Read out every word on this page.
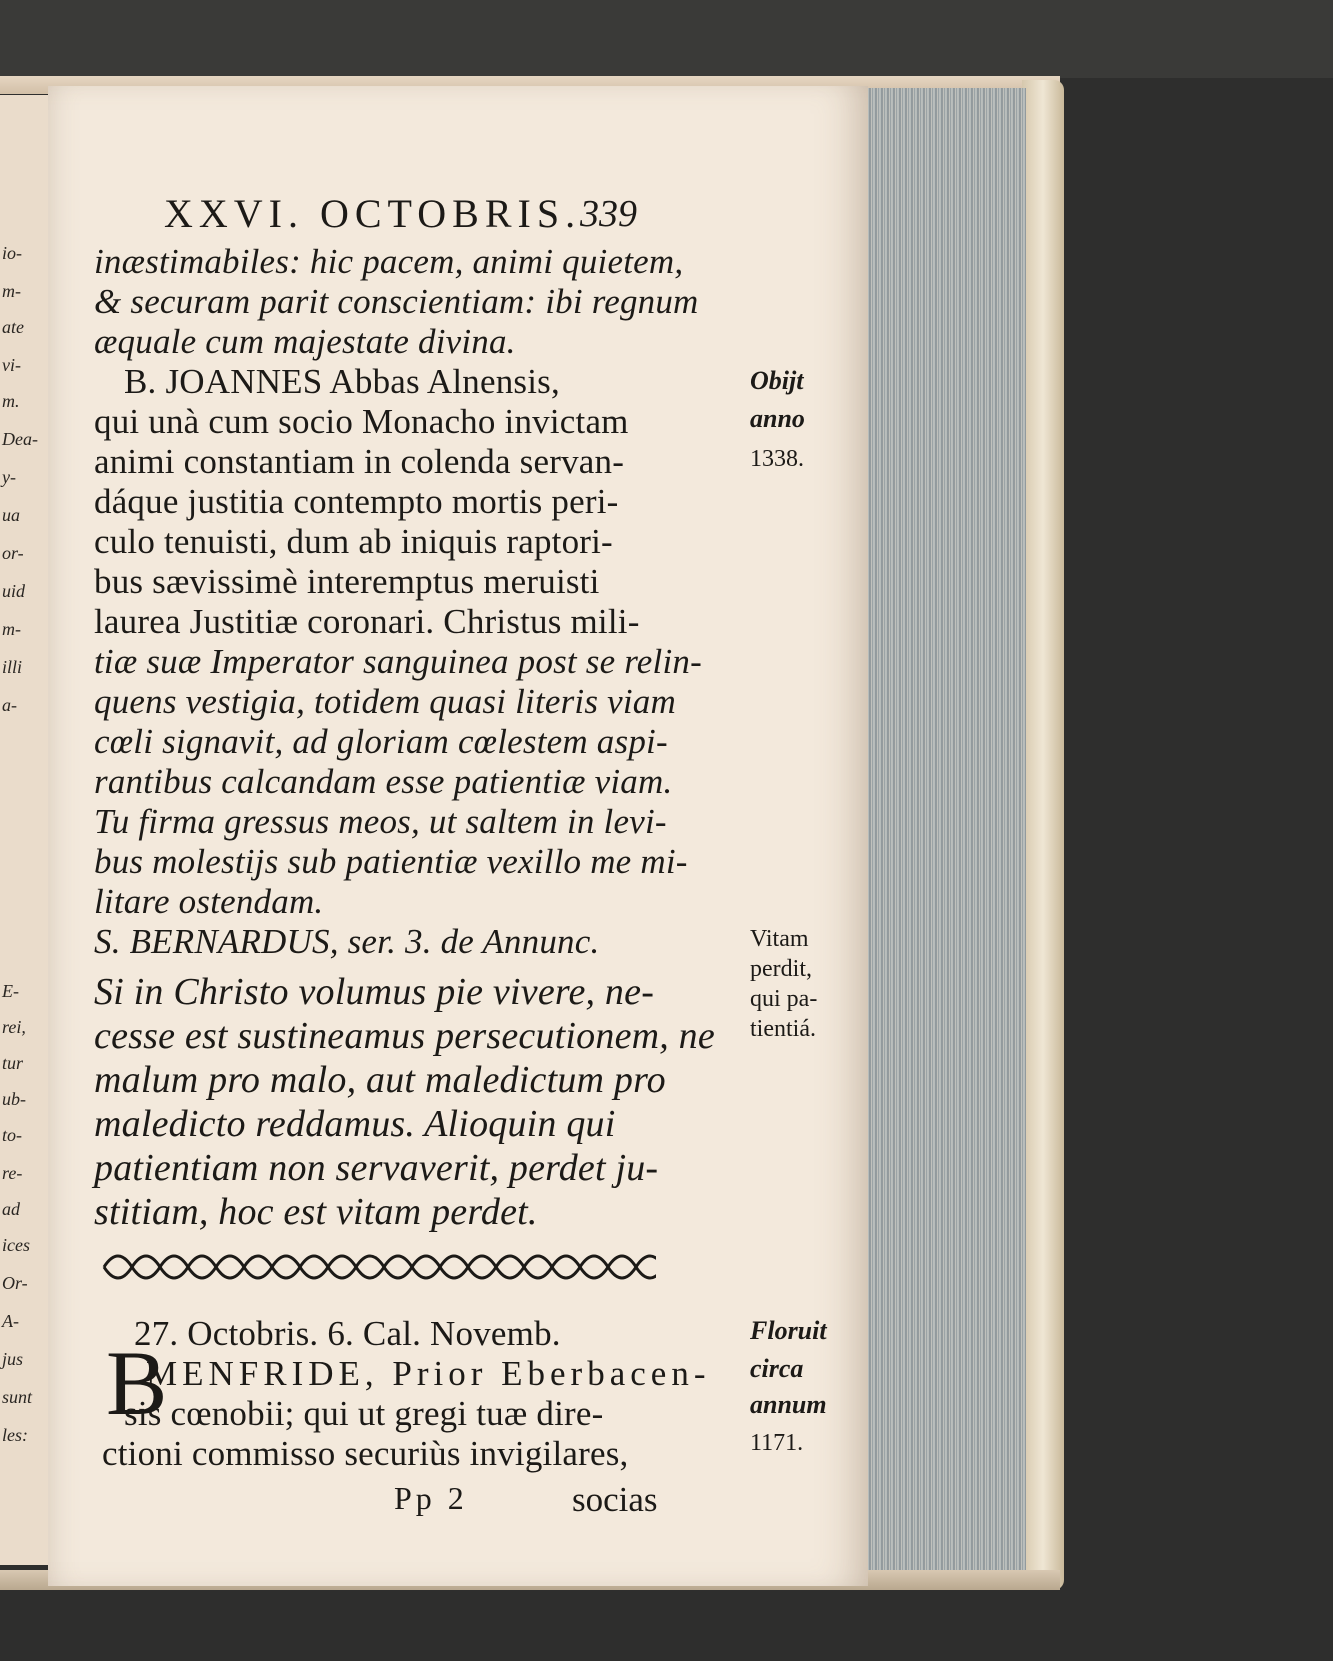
io-
m-
ate
vi-
m.
Dea-
y-
ua
or-
uid
m-
illi
a-
E-
rei,
tur
ub-
to-
re-
ad
ices
Or-
A-
jus
sunt
les:
XXVI. OCTOBRIS.
339
inæstimabiles: hic pacem, animi quietem,
& securam parit conscientiam: ibi regnum
æquale cum majestate divina.
B. JOANNES Abbas Alnensis,
qui unà cum socio Monacho invictam
animi constantiam in colenda servan-
dáque justitia contempto mortis peri-
culo tenuisti, dum ab iniquis raptori-
bus sævissimè interemptus meruisti
laurea Justitiæ coronari. Christus mili-
tiæ suæ Imperator sanguinea post se relin-
quens vestigia, totidem quasi literis viam
cœli signavit, ad gloriam cœlestem aspi-
rantibus calcandam esse patientiæ viam.
Tu firma gressus meos, ut saltem in levi-
bus molestijs sub patientiæ vexillo me mi-
litare ostendam.
S. BERNARDUS, ser. 3. de Annunc.
Si in Christo volumus pie vivere, ne-
cesse est sustineamus persecutionem, ne
malum pro malo, aut maledictum pro
maledicto reddamus. Alioquin qui
patientiam non servaverit, perdet ju-
stitiam, hoc est vitam perdet.
27. Octobris. 6. Cal. Novemb.
B
MENFRIDE, Prior Eberbacen-
sis cœnobii; qui ut gregi tuæ dire-
ctioni commisso securiùs invigilares,
Pp 2	socias
Obijt
anno
1338.
Vitam
perdit,
qui pa-
tientiá.
Floruit
circa
annum
1171.
